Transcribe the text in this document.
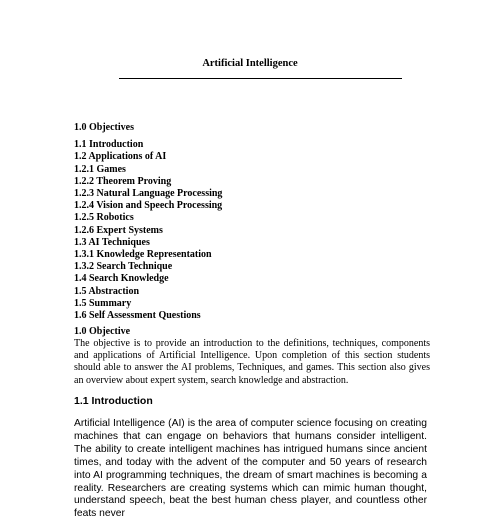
Artificial Intelligence
1.0 Objectives
1.1 Introduction
1.2 Applications of AI
1.2.1 Games
1.2.2 Theorem Proving
1.2.3 Natural Language Processing
1.2.4 Vision and Speech Processing
1.2.5 Robotics
1.2.6 Expert Systems
1.3 AI Techniques
1.3.1 Knowledge Representation
1.3.2 Search Technique
1.4 Search Knowledge
1.5 Abstraction
1.5 Summary
1.6 Self Assessment Questions
1.0 Objective

The objective is to provide an introduction to the definitions, techniques, components and applications of Artificial Intelligence. Upon completion of this section students should able to answer the AI problems, Techniques, and games. This section also gives an overview about expert system, search knowledge and abstraction.

1.1 Introduction

Artificial Intelligence (AI) is the area of computer science focusing on creating machines that can engage on behaviors that humans consider intelligent. The ability to create intelligent machines has intrigued humans since ancient times, and today with the advent of the computer and 50 years of research into AI programming techniques, the dream of smart machines is becoming a reality. Researchers are creating systems which can mimic human thought, understand speech, beat the best human chess player, and countless other feats never
